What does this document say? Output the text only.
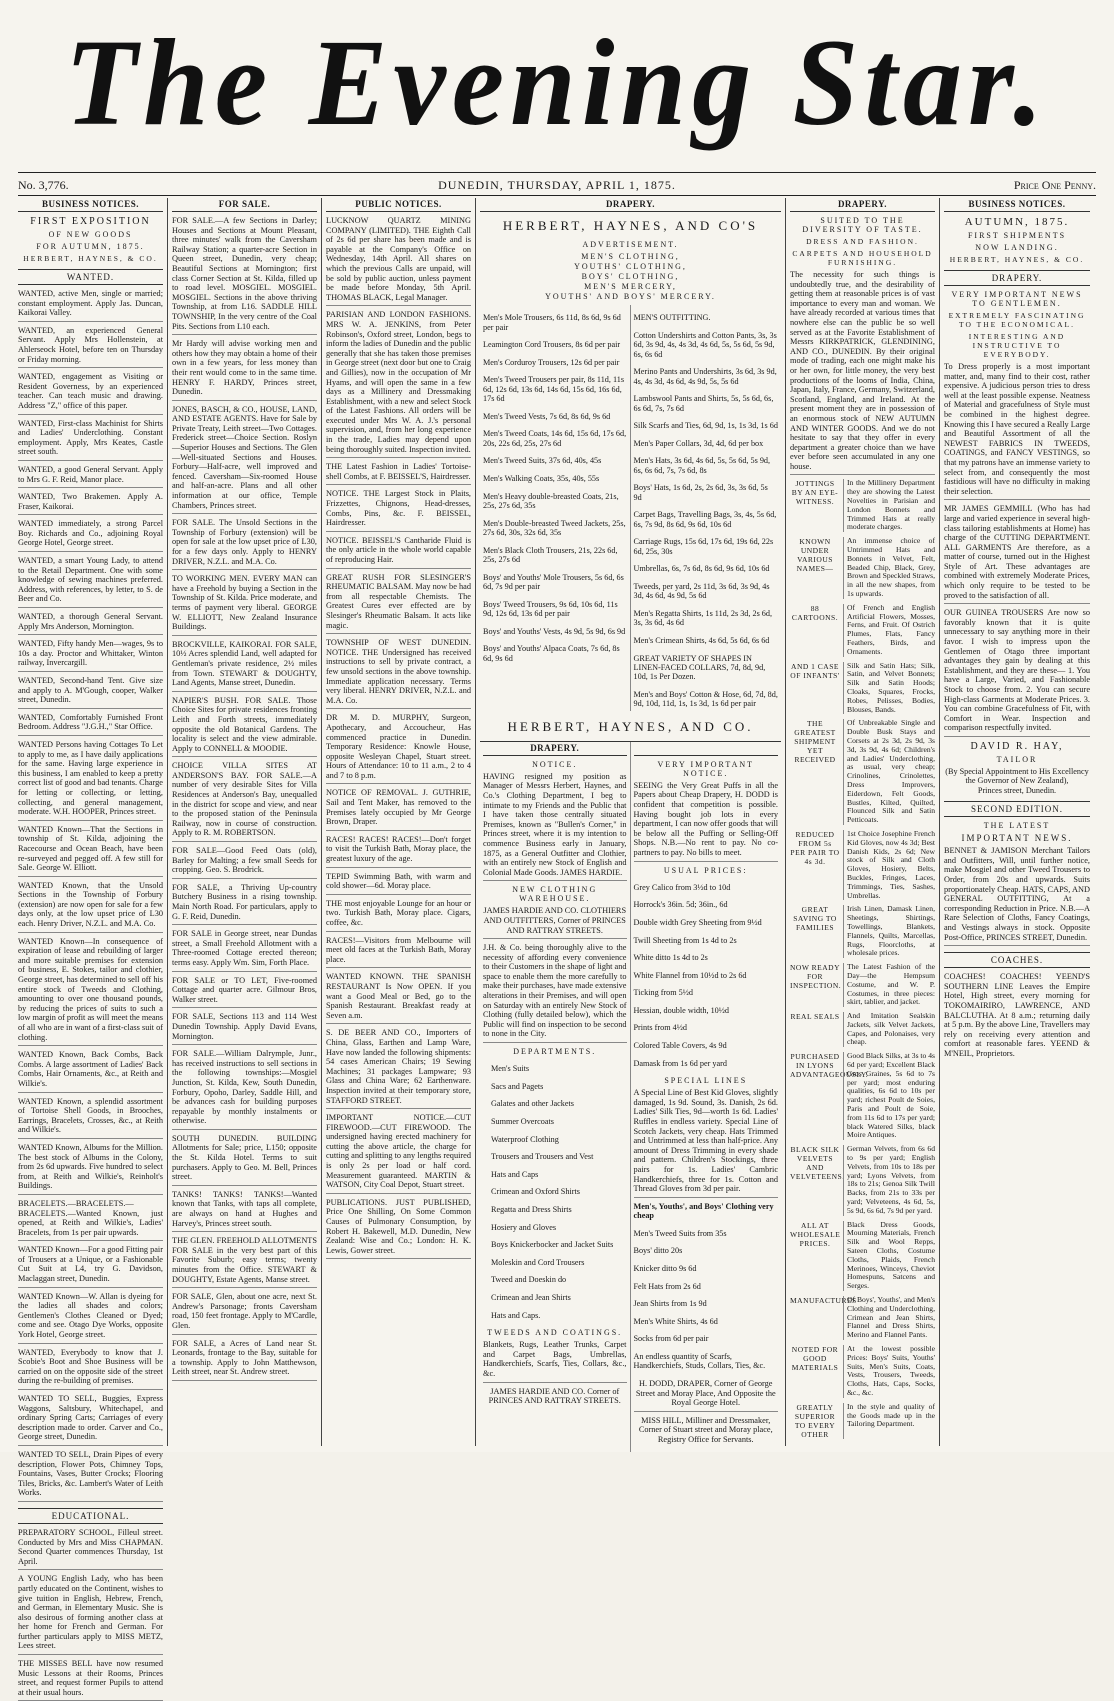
The Evening Star.
No. 3,776.	DUNEDIN, THURSDAY, APRIL 1, 1875.	Price One Penny.
BUSINESS NOTICES.
FIRST EXPOSITION
OF NEW GOODS
FOR AUTUMN, 1875.
HERBERT, HAYNES, & CO.
WANTED.

WANTED, active Men, single or married; constant employment. Apply Jas. Duncan, Kaikorai Valley.

WANTED, an experienced General Servant. Apply Mrs Hollenstein, at Ahlerseock Hotel, before ten on Thursday or Friday morning.

WANTED, engagement as Visiting or Resident Governess, by an experienced teacher. Can teach music and drawing. Address "Z," office of this paper.

WANTED, First-class Machinist for Shirts and Ladies' Underclothing. Constant employment. Apply, Mrs Keates, Castle street south.

WANTED, a good General Servant. Apply to Mrs G. F. Reid, Manor place.

WANTED, Two Brakemen. Apply A. Fraser, Kaikorai.

WANTED immediately, a strong Parcel Boy. Richards and Co., adjoining Royal George Hotel, George street.

WANTED, a smart Young Lady, to attend to the Retail Department. One with some knowledge of sewing machines preferred. Address, with references, by letter, to S. de Beer and Co.

WANTED, a thorough General Servant. Apply Mrs Anderson, Mornington.

WANTED, Fifty handy Men—wages, 9s to 10s a day. Proctor and Whittaker, Winton railway, Invercargill.

WANTED, Second-hand Tent. Give size and apply to A. M'Gough, cooper, Walker street, Dunedin.

WANTED, Comfortably Furnished Front Bedroom. Address "J.G.H.," Star Office.

WANTED Persons having Cottages To Let to apply to me, as I have daily applications for the same. Having large experience in this business, I am enabled to keep a pretty correct list of good and bad tenants. Charge for letting or collecting, or letting, collecting, and general management, moderate. W.H. HOOPER, Princes street.

WANTED Known—That the Sections in township of St. Kilda, adjoining the Racecourse and Ocean Beach, have been re-surveyed and pegged off. A few still for Sale. George W. Elliott.

WANTED Known, that the Unsold Sections in the Township of Forbury (extension) are now open for sale for a few days only, at the low upset price of L30 each. Henry Driver, N.Z.L. and M.A. Co.

WANTED Known—In consequence of expiration of lease and rebuilding of larger and more suitable premises for extension of business, E. Stokes, tailor and clothier, George street, has determined to sell off his entire stock of Tweeds and Clothing, amounting to over one thousand pounds, by reducing the prices of suits to such a low margin of profit as will meet the means of all who are in want of a first-class suit of clothing.

WANTED Known, Back Combs, Back Combs. A large assortment of Ladies' Back Combs, Hair Ornaments, &c., at Reith and Wilkie's.

WANTED Known, a splendid assortment of Tortoise Shell Goods, in Brooches, Earrings, Bracelets, Crosses, &c., at Reith and Wilkie's.

WANTED Known, Albums for the Million. The best stock of Albums in the Colony, from 2s 6d upwards. Five hundred to select from, at Reith and Wilkie's, Reinholt's Buildings.

BRACELETS.—BRACELETS.—BRACELETS.—Wanted Known, just opened, at Reith and Wilkie's, Ladies' Bracelets, from 1s per pair upwards.

WANTED Known—For a good Fitting pair of Trousers at a Unique, or a Fashionable Cut Suit at L4, try G. Davidson, Maclaggan street, Dunedin.

WANTED Known—W. Allan is dyeing for the ladies all shades and colors; Gentlemen's Clothes Cleaned or Dyed; come and see. Otago Dye Works, opposite York Hotel, George street.

WANTED, Everybody to know that J. Scobie's Boot and Shoe Business will be carried on on the opposite side of the street during the re-building of premises.

WANTED TO SELL, Buggies, Express Waggons, Saltsbury, Whitechapel, and ordinary Spring Carts; Carriages of every description made to order. Carver and Co., George street, Dunedin.

WANTED TO SELL, Drain Pipes of every description, Flower Pots, Chimney Tops, Fountains, Vases, Butter Crocks; Flooring Tiles, Bricks, &c. Lambert's Water of Leith Works.

EDUCATIONAL.

PREPARATORY SCHOOL, Filleul street. Conducted by Mrs and Miss CHAPMAN. Second Quarter commences Thursday, 1st April.

A YOUNG English Lady, who has been partly educated on the Continent, wishes to give tuition in English, Hebrew, French, and German, in Elementary Music. She is also desirous of forming another class at her home for French and German. For further particulars apply to MISS METZ, Lees street.

THE MISSES BELL have now resumed Music Lessons at their Rooms, Princes street, and request former Pupils to attend at their usual hours.

FOR SALE.

FOR SALE.—A few Sections in Darley; Houses and Sections at Mount Pleasant, three minutes' walk from the Caversham Railway Station; a quarter-acre Section in Queen street, Dunedin, very cheap; Beautiful Sections at Mornington; first class Corner Section at St. Kilda, filled up to road level. MOSGIEL. MOSGIEL. MOSGIEL. Sections in the above thriving Township, at from L16. SADDLE HILL TOWNSHIP, In the very centre of the Coal Pits. Sections from L10 each.

Mr Hardy will advise working men and others how they may obtain a home of their own in a few years, for less money than their rent would come to in the same time. HENRY F. HARDY, Princes street, Dunedin.

JONES, BASCH, & CO., HOUSE, LAND, AND ESTATE AGENTS. Have for Sale by Private Treaty, Leith street—Two Cottages. Frederick street—Choice Section. Roslyn—Superior Houses and Sections. The Glen—Well-situated Sections and Houses. Forbury—Half-acre, well improved and fenced. Caversham—Six-roomed House and half-an-acre. Plans and all other information at our office, Temple Chambers, Princes street.

FOR SALE. The Unsold Sections in the Township of Forbury (extension) will be open for sale at the low upset price of L30, for a few days only. Apply to HENRY DRIVER, N.Z.L. and M.A. Co.

TO WORKING MEN. EVERY MAN can have a Freehold by buying a Section in the Township of St. Kilda. Price moderate, and terms of payment very liberal. GEORGE W. ELLIOTT, New Zealand Insurance Buildings.

BROCKVILLE, KAIKORAI. FOR SALE, 10½ Acres splendid Land, well adapted for Gentleman's private residence, 2½ miles from Town. STEWART & DOUGHTY, Land Agents, Manse street, Dunedin.

NAPIER'S BUSH. FOR SALE. Those Choice Sites for private residences fronting Leith and Forth streets, immediately opposite the old Botanical Gardens. The locality is select and the view admirable. Apply to CONNELL & MOODIE.

CHOICE VILLA SITES AT ANDERSON'S BAY. FOR SALE.—A number of very desirable Sites for Villa Residences at Anderson's Bay, unequalled in the district for scope and view, and near to the proposed station of the Peninsula Railway, now in course of construction. Apply to R. M. ROBERTSON.

FOR SALE—Good Feed Oats (old), Barley for Malting; a few small Seeds for cropping. Geo. S. Brodrick.

FOR SALE, a Thriving Up-country Butchery Business in a rising township. Main North Road. For particulars, apply to G. F. Reid, Dunedin.

FOR SALE in George street, near Dundas street, a Small Freehold Allotment with a Three-roomed Cottage erected thereon; terms easy. Apply Wm. Sim, Forth Place.

FOR SALE or TO LET, Five-roomed Cottage and quarter acre. Gilmour Bros, Walker street.

FOR SALE, Sections 113 and 114 West Dunedin Township. Apply David Evans, Mornington.

FOR SALE.—William Dalrymple, Junr., has received instructions to sell sections in the following townships:—Mosgiel Junction, St. Kilda, Kew, South Dunedin, Forbury, Opoho, Darley, Saddle Hill, and be advances cash for building purposes repayable by monthly instalments or otherwise.

SOUTH DUNEDIN. BUILDING Allotments for Sale; price, L150; opposite the St. Kilda Hotel. Terms to suit purchasers. Apply to Geo. M. Bell, Princes street.

TANKS! TANKS! TANKS!—Wanted known that Tanks, with taps all complete, are always on hand at Hughes and Harvey's, Princes street south.

THE GLEN. FREEHOLD ALLOTMENTS FOR SALE in the very best part of this Favorite Suburb; easy terms; twenty minutes from the Office. STEWART & DOUGHTY, Estate Agents, Manse street.

FOR SALE, Glen, about one acre, next St. Andrew's Parsonage; fronts Caversham road, 150 feet frontage. Apply to M'Cardle, Glen.

FOR SALE, a Acres of Land near St. Leonards, frontage to the Bay, suitable for a township. Apply to John Matthewson, Leith street, near St. Andrew street.

PUBLIC NOTICES.

LUCKNOW QUARTZ MINING COMPANY (LIMITED). THE Eighth Call of 2s 6d per share has been made and is payable at the Company's Office on Wednesday, 14th April. All shares on which the previous Calls are unpaid, will be sold by public auction, unless payment be made before Monday, 5th April. THOMAS BLACK, Legal Manager.

PARISIAN AND LONDON FASHIONS. MRS W. A. JENKINS, from Peter Robinson's, Oxford street, London, begs to inform the ladies of Dunedin and the public generally that she has taken those premises in George street (next door but one to Craig and Gillies), now in the occupation of Mr Hyams, and will open the same in a few days as a Millinery and Dressmaking Establishment, with a new and select Stock of the Latest Fashions. All orders will be executed under Mrs W. A. J.'s personal supervision, and, from her long experience in the trade, Ladies may depend upon being thoroughly suited. Inspection invited.

THE Latest Fashion in Ladies' Tortoise-shell Combs, at F. BEISSEL'S, Hairdresser.

NOTICE. THE Largest Stock in Plaits, Frizzettes, Chignons, Head-dresses, Combs, Pins, &c. F. BEISSEL, Hairdresser.

NOTICE. BEISSEL'S Cantharide Fluid is the only article in the whole world capable of reproducing Hair.

GREAT RUSH FOR SLESINGER'S RHEUMATIC BALSAM. May now be had from all respectable Chemists. The Greatest Cures ever effected are by Slesinger's Rheumatic Balsam. It acts like magic.

TOWNSHIP OF WEST DUNEDIN. NOTICE. THE Undersigned has received instructions to sell by private contract, a few unsold sections in the above township. Immediate application necessary. Terms very liberal. HENRY DRIVER, N.Z.L. and M.A. Co.

DR M. D. MURPHY, Surgeon, Apothecary, and Accoucheur, Has commenced practice in Dunedin. Temporary Residence: Knowle House, opposite Wesleyan Chapel, Stuart street. Hours of Attendance: 10 to 11 a.m., 2 to 4 and 7 to 8 p.m.

NOTICE OF REMOVAL. J. GUTHRIE, Sail and Tent Maker, has removed to the Premises lately occupied by Mr George Brown, Draper.

RACES! RACES! RACES!—Don't forget to visit the Turkish Bath, Moray place, the greatest luxury of the age.

TEPID Swimming Bath, with warm and cold shower—6d. Moray place.

THE most enjoyable Lounge for an hour or two. Turkish Bath, Moray place. Cigars, coffee, &c.

RACES!—Visitors from Melbourne will meet old faces at the Turkish Bath, Moray place.

WANTED KNOWN. THE SPANISH RESTAURANT Is Now OPEN. If you want a Good Meal or Bed, go to the Spanish Restaurant. Breakfast ready at Seven a.m.

S. DE BEER AND CO., Importers of China, Glass, Earthen and Lamp Ware, Have now landed the following shipments: 54 cases American Chairs; 19 Sewing Machines; 31 packages Lampware; 93 Glass and China Ware; 62 Earthenware. Inspection invited at their temporary store, STAFFORD STREET.

IMPORTANT NOTICE.—CUT FIREWOOD.—CUT FIREWOOD. The undersigned having erected machinery for cutting the above article, the charge for cutting and splitting to any lengths required is only 2s per load or half cord. Measurement guaranteed. MARTIN & WATSON, City Coal Depot, Stuart street.

PUBLICATIONS. JUST PUBLISHED, Price One Shilling, On Some Common Causes of Pulmonary Consumption, by Robert H. Bakewell, M.D. Dunedin, New Zealand: Wise and Co.; London: H. K. Lewis, Gower street.

DRAPERY.
HERBERT, HAYNES, AND CO'S
ADVERTISEMENT.

MEN'S CLOTHING,

YOUTHS' CLOTHING,

BOYS' CLOTHING,

MEN'S MERCERY,

YOUTHS' AND BOYS' MERCERY.

Men's Mole Trousers, 6s 11d, 8s 6d, 9s 6d per pair

Leamington Cord Trousers, 8s 6d per pair

Men's Corduroy Trousers, 12s 6d per pair

Men's Tweed Trousers per pair, 8s 11d, 11s 6d, 12s 6d, 13s 6d, 14s 6d, 15s 6d, 16s 6d, 17s 6d

Men's Tweed Vests, 7s 6d, 8s 6d, 9s 6d

Men's Tweed Coats, 14s 6d, 15s 6d, 17s 6d, 20s, 22s 6d, 25s, 27s 6d

Men's Tweed Suits, 37s 6d, 40s, 45s

Men's Walking Coats, 35s, 40s, 55s

Men's Heavy double-breasted Coats, 21s, 25s, 27s 6d, 35s

Men's Double-breasted Tweed Jackets, 25s, 27s 6d, 30s, 32s 6d, 35s

Men's Black Cloth Trousers, 21s, 22s 6d, 25s, 27s 6d

Boys' and Youths' Mole Trousers, 5s 6d, 6s 6d, 7s 9d per pair

Boys' Tweed Trousers, 9s 6d, 10s 6d, 11s 9d, 12s 6d, 13s 6d per pair

Boys' and Youths' Vests, 4s 9d, 5s 9d, 6s 9d

Boys' and Youths' Alpaca Coats, 7s 6d, 8s 6d, 9s 6d

MEN'S OUTFITTING.

Cotton Undershirts and Cotton Pants, 3s, 3s 6d, 3s 9d, 4s, 4s 3d, 4s 6d, 5s, 5s 6d, 5s 9d, 6s, 6s 6d

Merino Pants and Undershirts, 3s 6d, 3s 9d, 4s, 4s 3d, 4s 6d, 4s 9d, 5s, 5s 6d

Lambswool Pants and Shirts, 5s, 5s 6d, 6s, 6s 6d, 7s, 7s 6d

Silk Scarfs and Ties, 6d, 9d, 1s, 1s 3d, 1s 6d

Men's Paper Collars, 3d, 4d, 6d per box

Men's Hats, 3s 6d, 4s 6d, 5s, 5s 6d, 5s 9d, 6s, 6s 6d, 7s, 7s 6d, 8s

Boys' Hats, 1s 6d, 2s, 2s 6d, 3s, 3s 6d, 5s 9d

Carpet Bags, Travelling Bags, 3s, 4s, 5s 6d, 6s, 7s 9d, 8s 6d, 9s 6d, 10s 6d

Carriage Rugs, 15s 6d, 17s 6d, 19s 6d, 22s 6d, 25s, 30s

Umbrellas, 6s, 7s 6d, 8s 6d, 9s 6d, 10s 6d

Tweeds, per yard, 2s 11d, 3s 6d, 3s 9d, 4s 3d, 4s 6d, 4s 9d, 5s 6d

Men's Regatta Shirts, 1s 11d, 2s 3d, 2s 6d, 3s, 3s 6d, 4s 6d

Men's Crimean Shirts, 4s 6d, 5s 6d, 6s 6d

GREAT VARIETY OF SHAPES IN LINEN-FACED COLLARS, 7d, 8d, 9d, 10d, 1s Per Dozen.

Men's and Boys' Cotton & Hose, 6d, 7d, 8d, 9d, 10d, 11d, 1s, 1s 3d, 1s 6d per pair

HERBERT, HAYNES, AND CO.
DRAPERY.
NOTICE.

HAVING resigned my position as Manager of Messrs Herbert, Haynes, and Co.'s Clothing Department, I beg to intimate to my Friends and the Public that I have taken those centrally situated Premises, known as "Bullen's Corner," in Princes street, where it is my intention to commence Business early in January, 1875, as a General Outfitter and Clothier, with an entirely new Stock of English and Colonial Made Goods. JAMES HARDIE.

NEW CLOTHING WAREHOUSE.

JAMES HARDIE AND CO. CLOTHIERS AND OUTFITTERS, Corner of PRINCES AND RATTRAY STREETS.

J.H. & Co. being thoroughly alive to the necessity of affording every convenience to their Customers in the shape of light and space to enable them the more carefully to make their purchases, have made extensive alterations in their Premises, and will open on Saturday with an entirely New Stock of Clothing (fully detailed below), which the Public will find on inspection to be second to none in the City.

DEPARTMENTS.

Men's Suits

Sacs and Pagets

Galates and other Jackets

Summer Overcoats

Waterproof Clothing

Trousers and Trousers and Vest

Hats and Caps

Crimean and Oxford Shirts

Regatta and Dress Shirts

Hosiery and Gloves

Boys Knickerbocker and Jacket Suits

Moleskin and Cord Trousers

Tweed and Doeskin do

Crimean and Jean Shirts

Hats and Caps.

TWEEDS AND COATINGS.

Blankets, Rugs, Leather Trunks, Carpet and Carpet Bags, Umbrellas, Handkerchiefs, Scarfs, Ties, Collars, &c., &c.

JAMES HARDIE AND CO. Corner of PRINCES AND RATTRAY STREETS.

VERY IMPORTANT NOTICE.

SEEING the Very Great Puffs in all the Papers about Cheap Drapery, H. DODD is confident that competition is possible. Having bought job lots in every department, I can now offer goods that will be below all the Puffing or Selling-Off Shops. N.B.—No rent to pay. No co-partners to pay. No bills to meet.

USUAL PRICES:

Grey Calico from 3½d to 10d

Horrock's 36in. 5d; 36in., 6d

Double width Grey Sheeting from 9½d

Twill Sheeting from 1s 4d to 2s

White ditto 1s 4d to 2s

White Flannel from 10½d to 2s 6d

Ticking from 5½d

Hessian, double width, 10½d

Prints from 4½d

Colored Table Covers, 4s 9d

Damask from 1s 6d per yard

SPECIAL LINES

A Special Line of Best Kid Gloves, slightly damaged, 1s 9d. Sound, 3s. Danish, 2s 6d. Ladies' Silk Ties, 9d—worth 1s 6d. Ladies' Ruffles in endless variety. Special Line of Scotch Jackets, very cheap. Hats Trimmed and Untrimmed at less than half-price. Any amount of Dress Trimming in every shade and pattern. Children's Stockings, three pairs for 1s. Ladies' Cambric Handkerchiefs, three for 1s. Cotton and Thread Gloves from 3d per pair.

Men's, Youths', and Boys' Clothing very cheap

Men's Tweed Suits from 35s

Boys' ditto 20s

Knicker ditto 9s 6d

Felt Hats from 2s 6d

Jean Shirts from 1s 9d

Men's White Shirts, 4s 6d

Socks from 6d per pair

An endless quantity of Scarfs, Handkerchiefs, Studs, Collars, Ties, &c.

H. DODD, DRAPER, Corner of George Street and Moray Place, And Opposite the Royal George Hotel.

MISS HILL, Milliner and Dressmaker, Corner of Stuart street and Moray place, Registry Office for Servants.

DRAPERY.
SUITED TO THE DIVERSITY OF TASTE.
DRESS AND FASHION.
CARPETS AND HOUSEHOLD FURNISHING.

The necessity for such things is undoubtedly true, and the desirability of getting them at reasonable prices is of vast importance to every man and woman. We have already recorded at various times that nowhere else can the public be so well served as at the Favorite Establishment of Messrs KIRKPATRICK, GLENDINING, AND CO., DUNEDIN. By their original mode of trading, each one might make his or her own, for little money, the very best productions of the looms of India, China, Japan, Italy, France, Germany, Switzerland, Scotland, England, and Ireland. At the present moment they are in possession of an enormous stock of NEW AUTUMN AND WINTER GOODS. And we do not hesitate to say that they offer in every department a greater choice than we have ever before seen accumulated in any one house.

JOTTINGS BY AN EYE-WITNESS.
In the Millinery Department they are showing the Latest Novelties in Parisian and London Bonnets and Trimmed Hats at really moderate charges.
KNOWN UNDER VARIOUS NAMES—
An immense choice of Untrimmed Hats and Bonnets in Velvet, Felt, Beaded Chip, Black, Grey, Brown and Speckled Straws, in all the new shapes, from 1s upwards.
88 CARTOONS.
Of French and English Artificial Flowers, Mosses, Ferns, and Fruit. Of Ostrich Plumes, Flats, Fancy Feathers, Birds, and Ornaments.
AND 1 CASE OF INFANTS'
Silk and Satin Hats; Silk, Satin, and Velvet Bonnets; Silk and Satin Hoods; Cloaks, Squares, Frocks, Robes, Pelisses, Bodies, Blouses, Bands.
THE GREATEST SHIPMENT YET RECEIVED
Of Unbreakable Single and Double Busk Stays and Corsets at 2s 3d, 2s 9d, 3s 3d, 3s 9d, 4s 6d; Children's and Ladies' Underclothing, as usual, very cheap; Crinolines, Crinolettes, Dress Improvers, Eiderdown, Felt Goods, Bustles, Kilted, Quilted, Flounced Silk and Satin Petticoats.
REDUCED FROM 5s PER PAIR TO 4s 3d.
1st Choice Josephine French Kid Gloves, now 4s 3d; Best Danish Kids, 2s 6d; New stock of Silk and Cloth Gloves, Hosiery, Belts, Buckles, Fringes, Laces, Trimmings, Ties, Sashes, Umbrellas.
GREAT SAVING TO FAMILIES
Irish Linen, Damask Linen, Sheetings, Shirtings, Towellings, Blankets, Flannels, Quilts, Marcellas, Rugs, Floorcloths, at wholesale prices.
NOW READY FOR INSPECTION.
The Latest Fashion of the Day—the Hempsum Costume, and W. P. Costumes, in three pieces: skirt, tablier, and jacket.
REAL SEALS And Imitation Sealskin Jackets, silk Velvet Jackets, Capes, and Polonaises, very cheap.
PURCHASED IN LYONS ADVANTAGEOUSLY.
Good Black Silks, at 3s to 4s 6d per yard; Excellent Black Gros Graines, 5s 6d to 7s per yard; most enduring qualities, 6s 6d to 10s per yard; richest Poult de Soies, Paris and Poult de Soie, from 11s 6d to 17s per yard; black Watered Silks, black Moire Antiques.
BLACK SILK VELVETS AND VELVETEENS.
German Velvets, from 6s 6d to 9s per yard; English Velvets, from 10s to 18s per yard; Lyons Velvets, from 18s to 21s; Genoa Silk Twill Backs, from 21s to 33s per yard; Velveteens, 4s 6d, 5s, 5s 9d, 6s 6d, 7s 9d per yard.
ALL AT WHOLESALE PRICES.
Black Dress Goods, Mourning Materials, French Silk and Wool Repps, Sateen Cloths, Costume Cloths, Plaids, French Merinoes, Winceys, Cheviot Homespuns, Satcens and Serges.
MANUFACTURES
Of Boys', Youths', and Men's Clothing and Underclothing, Crimean and Jean Shirts, Flannel and Dress Shirts, Merino and Flannel Pants.
NOTED FOR GOOD MATERIALS
At the lowest possible Prices: Boys' Suits, Youths' Suits, Men's Suits, Coats, Vests, Trousers, Tweeds, Cloths, Hats, Caps, Socks, &c., &c.
GREATLY SUPERIOR TO EVERY OTHER
In the style and quality of the Goods made up in the Tailoring Department.
BUSINESS NOTICES.
AUTUMN, 1875.
FIRST SHIPMENTS
NOW LANDING.
HERBERT, HAYNES, & CO.
DRAPERY.
VERY IMPORTANT NEWS TO GENTLEMEN.
EXTREMELY FASCINATING TO THE ECONOMICAL.
INTERESTING AND INSTRUCTIVE TO EVERYBODY.

To Dress properly is a most important matter, and, many find to their cost, rather expensive. A judicious person tries to dress well at the least possible expense. Neatness of Material and gracefulness of Style must be combined in the highest degree. Knowing this I have secured a Really Large and Beautiful Assortment of all the NEWEST FABRICS IN TWEEDS, COATINGS, and FANCY VESTINGS, so that my patrons have an immense variety to select from, and consequently the most fastidious will have no difficulty in making their selection.

MR JAMES GEMMILL (Who has had large and varied experience in several high-class tailoring establishments at Home) has charge of the CUTTING DEPARTMENT. ALL GARMENTS Are therefore, as a matter of course, turned out in the Highest Style of Art. These advantages are combined with extremely Moderate Prices, which only require to be tested to be proved to the satisfaction of all.

OUR GUINEA TROUSERS Are now so favorably known that it is quite unnecessary to say anything more in their favor. I wish to impress upon the Gentlemen of Otago three important advantages they gain by dealing at this Establishment, and they are these— 1. You have a Large, Varied, and Fashionable Stock to choose from. 2. You can secure High-class Garments at Moderate Prices. 3. You can combine Gracefulness of Fit, with Comfort in Wear. Inspection and comparison respectfully invited.

DAVID R. HAY,
TAILOR
(By Special Appointment to His Excellency the Governor of New Zealand),
Princes street, Dunedin.
SECOND EDITION.
THE LATEST
IMPORTANT NEWS.

BENNET & JAMISON Merchant Tailors and Outfitters, Will, until further notice, make Mosgiel and other Tweed Trousers to Order, from 20s and upwards. Suits proportionately Cheap. HATS, CAPS, AND GENERAL OUTFITTING, At a corresponding Reduction in Price. N.B.—A Rare Selection of Cloths, Fancy Coatings, and Vestings always in stock. Opposite Post-Office, PRINCES STREET, Dunedin.

COACHES.

COACHES! COACHES! YEEND'S SOUTHERN LINE Leaves the Empire Hotel, High street, every morning for TOKOMAIRIRO, LAWRENCE, AND BALCLUTHA. At 8 a.m.; returning daily at 5 p.m. By the above Line, Travellers may rely on receiving every attention and comfort at reasonable fares. YEEND & M'NEIL, Proprietors.
